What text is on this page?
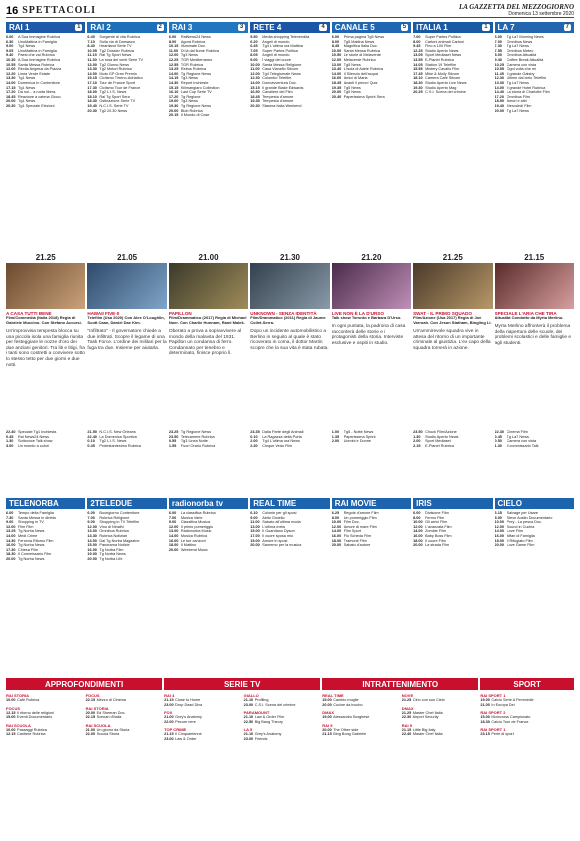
16 SPETTACOLI	LA GAZZETTA DEL MEZZOGIORNO
Domenica 13 settembre 2020
RAI 1	1
6.00	A Sua Immagine Rubrica
6.30	UnoMattina in Famiglia
9.00	Tg1 News
9.05	UnoMattina in Famiglia
9.40	Paesi che vai Rubrica
10.30 A Sua Immagine Rubrica
10.55 Santa Messa Rubrica
12.00 Recita Angelus da Piazza
12.20 Linea Verde Estate
13.30 Tg1 News
14.00 Domenica In Contenitore
17.15 Tg1 News
17.20 Da noi... a ruota libera
18.45 Reazione a catena Gioco
20.00 Tg1 News
20.30 Tg1 Speciale Elezioni
RAI 2	2
6.40	Sorgente di vita Rubrica
7.10	Sulla via di Damasco
8.40	Heartland Serie TV
10.05 Tg2 Dossier Rubrica
11.15 Rai Tg Sport News
11.30 La rosa dei venti Serie TV
13.00 Tg2 Giorno News
13.30 Tg2 Motori Rubrica
14.00 Moto GP Gran Premio
15.15 Ciclismo Tirreno-Adriatico
17.10 Tour de France Sport
17.30 Ciclismo Tour de France
18.00 Tg2 L.I.S. News
18.10 Rai Tg Sport Sera
18.30 Ostinazione Serie TV
19.40 N.C.I.S. Serie TV
20.30 Tg2 20.30 News
RAI 3	3
6.00	RaiNews24 News
8.00	Agorà Rubrica
10.15 Illuminate Doc.
11.00 Di là dal fiume Rubrica
12.00 Tg3 News
12.25 TGR Mediterraneo
12.55 TGR Rubrica
13.25 Rebus Rubrica
14.00 Tg Regione News
14.15 Tg3 News
14.30 Report Inchieste
15.15 Kilimangiaro Collection
16.10 Last Cop Serie TV
17.20 Tg Regione
19.00 Tg3 News
19.30 Tg Regione News
20.00 Blob Rubrica
20.15 Il Mondo di Cose
RETE 4	4
5.50	Media shopping Televendita
6.20	Angeli di mondo
6.45	Tg4 L'ultima ora Mattina
7.05	Super Partes Politica
8.05	Angeli di mondo
9.00	I viaggi del cuore
10.00 Santa Messa Religione
11.00 Casa Vianello Sitcom
12.00 Tg4 Telegiornale News
12.30 Colombo Telefilm
14.00 Donnavventura Doc.
15.15 Il grande Blake Edwards
16.50 Cavaliere del Film
18.45 Tempesta d'amore
19.35 Tempesta d'amore
20.30 Stasera Italia Weekend
CANALE 5	5
6.00	Prima pagina Tg5 News
8.00	Tg5 Mattina News
8.45	Magnifica Italia Doc.
10.00 Santa Messa Rubrica
10.50 Le storie di Melaverde
12.00 Melaverde Rubrica
13.00 Tg5 News
13.40 L'isola di Adele Rubrica
14.00 Il Silenzio dell'acqua
16.00 Amici di Maria
18.45 Avanti il primo! Quiz
19.35 Tg5 News
20.00 Tg5 News
20.40 Paperissima Sprint Sera
ITALIA 1	1
7.00	Super Partes Politica
8.00	Cartoni animati Cartoni
9.45	Fino a 100 Film
12.25 Studio Aperto News
13.05 Sport Mediaset News
13.55 E-Planet Rubrica
14.05 Station 19 Telefilm
15.55 Mistery Cavallo Film
17.45 Mike & Molly Sitcom
18.10 Camera Café Sitcom
18.30 Studio Aperto Live News
19.30 Studio Aperto Mag
20.25 C.S.I. Scena del crimine
LA 7	7
6.00	Tg La7 Morning News
7.00	Omnibus News
7.30	Tg La7 News
7.55	Omnibus Meteo
8.00	Omnibus Attualità
9.40	Coffee Break Attualità
10.25 Camera con vista
10.55 Ogni volta che mi
11.45 Il grande Gatsby
12.30 Ultime dal cielo Telefilm
13.30 Tg La7 News
14.00 Il grande Hotel Rubrica
14.40 La storia di Charlotte Film
17.20 Omnibus Film
18.50 Amori e altri
19.40 Mercoledì Film
20.00 Tg La7 News
21.25
A CASA TUTTI BENE
Film/Commedia (Italia 2018) Regia di Gabriele Muccino. Con Stefano Accorsi.
Un'improvvisa tempesta blocca su una piccola isola una famiglia riunita per festeggiare le nozze d'oro dei due anziani genitori. Tra liti e litigi, fra i tanti sono costretti a convivere sotto lo stesso tetto per due giorni e due notti.
21.05
HAWAII FIVE-0
Telefilm (Usa 2020) Con Alex O'Loughlin, Scott Caan, Daniel Dae Kim.
"Infiltrato" - Il governatore chiede a due infiltrati. Scopre il legame di una Task Force. L'ordine dei militari per la fuga tra due. Insieme per aiutarla.
21.00
PAPILLON
Film/Drammatico (2017) Regia di Michael Noer. Con Charlie Hunnam, Rami Malek.
Oberato a prova a sopravvivere al mondo della malavita del 1931. Papillon un condanna di ferro. Condannato per tenebro e determinato, finisce proprio lì.
21.30
UNKNOWN - SENZA IDENTITÀ
Film/Drammatico (2011) Regia di Jaume Collet-Serra.
Dopo un incidente automobilistico a Berlino in seguito al quale è stato ricoverato in coma, il dottor Martin scopre che la sua vita è stata rubata.
21.20
LIVE NON È LA D'URSO
Talk show Toronto e Barbara D'Urso.
In ogni puntata, la padrona di casa racconterà delle storie e i protagonisti della storia. Interviste esclusive e ospiti in studio.
21.25
SWAT - IL PRIMO SQUADO
Film/Azione (Usa 2017) Regia di Joe Varroah. Con Jeson Statham, Bingling Li.
Un'ammirevole squadra vive in attesa del ritorno di un importante criminale al giustizia. L'ex capo della squadra tornerà in azione.
21.15
SPECIALE L'ARIA CHE TIRA
Attualità Condotto da Myrta Merlino.
Myrta Merlino affronterà il problema della riapertura delle scuole, dei problemi scolastici e delle famiglie e agli studenti.
22.40 Speciale Tg1 Inchiesta
0.45	Rai News24 News
1.30	Sottovoce Talk show
3.00	Un mondo a colori
21.50 N.C.I.S. New Orleans
22.40 La Domenica Sportiva
0.10	Tg2 L.I.S. News
0.45	Protestantesimo Rubrica
23.25 Tg Regione News
23.50 Telecamere Rubrica
0.55	Tg3 Linea Notte
1.55	Fuori Orario Rubrica
23.35 Dalla Parte degli Animali
0.10	La Ragazza della Porta
2.00	Tg4 L'ultima ora News
2.30	Cinque Vedo Film
1.00	Tg5 - Notte News
1.35	Paperissima Sprint
2.00	Uomini e Donne
23.50 Chock Film/Azione
1.30	Studio Aperto News
2.00	Sport Mediaset
2.15	E-Planet Rubrica
22.30 Cinema Film
0.45	Tg La7 News
0.50	Camera con vista
1.30	Il commissario Talk
TELENORBA
6.00	Tempo della Famiglia
7.30	Santa Messa in diretta
9.00	Shopping in TV
12.00 Film Film
13.25 Tg Norba News
14.00 Medi Crime
14.30 Ferrovia Ritorno Film
16.00 Tg Norba News
17.30 Chiesa Film
18.30 Il Commissario Film
20.00 Tg Norba News
2TELEDUE
6.00	Buongiorno Contenitore
7.00	Rubrica Religione
9.00	Shopping in TV Telefilm
12.00 Vino di Ninalhi
13.00 Omnibus Rubrica
13.30 Rubrica Notiziari
14.00 Dai Tg Norba Magazine
15.00 Panorama Notizie
16.00 Tg Norba Film
19.00 Tg Norba News
20.00 Tg Norba Life
radionorba tv
6.00	La classifica Rubrica
7.00	Musica Varie
9.00	Classifica Musica
12.00 Il primo pomeriggio
13.00 Radionorba Music
14.00 Musica Rubrica
16.00 Le tue canzoni
18.00 Il Mattino
20.00 Weekend Music
REAL TIME
6.10	Colonie per gli sposi
9.00	Abito Gioiello
11.00 Sabato all'ultima moda
13.00 L'ultima meta
15.00 Il Guardiano Dyson
17.00 Il cuore sposa mio
19.00 Amore in sposi
20.00 Sanremo per la musica
RAI MOVIE
6.25	Regole d'amore Film
8.00	Un pomeriggio Film
10.00 Film Doc.
12.00 Amore di mare Film
14.00 Film Sport
16.00 Flo Scheda Film
18.00 Tramonti Film
20.00 Sabato d'autore
IRIS
6.00	Divisione Film
8.00	Fermo Film
10.00 Gli arrivi Film
12.00 L'avanzata Film
14.00 Zombie Film
16.00 Baby Boss Film
18.00 Il cuore Film
20.00 La strada Film
CIELO
6.15	Salvage per Usare
8.00	Steve Austin Documentario
10.00 Prey - La pesca Doc.
12.00 Sound in Cucina
14.00 Love Film
16.00 Affari di Famiglia
18.00 Il Rifugiato Film
20.00 Love Game Film
APPROFONDIMENTI
RAI STORIA
10.00 Cafè Rubrica
FOCUS
12.15 Il ritorno delle religioni
15.00 Eventi Documentario
RAI SCUOLA
10.00 Passaggi Rubrica
12.15 Cantiere Rubrica
FOCUS
22.15 Mezzo di Cinema
RAI STORIA
20.00 Ed Sheeran Doc.
22.15 Scenari d'Italia
RAI SCUOLA
21.00 Un giorno da Storia
22.00 Scuola Storia
SERIE TV
RAI 4
21.15 Close to Home
23.00 Drop Dead Diva
FOX
21.00 Grey's Anatomy
22.00 Pecore nere
TOP CRIME
21.15 Il Cinquantenne
23.00 Law & Order
GIALLO
21.10 Profiling
23.00 C.S.I. Scena del crimine
PARAMOUNT
21.10 Law & Order Film
22.50 Big Bang Theory
LA 5
21.10 Grey's Anatomy
23.00 Friends
INTRATTENIMENTO
REAL TIME
19.00 Cambio moglie
20.00 Cucine da incubo
DMAX
19.00 Alessandro Borghese
RAI 5
20.00 The Other side
21.15 Bing Bong Gabriele
NOVE
21.25 Cirio con suo Cielo
DMAX
21.25 Master Chef Italia
22.30 Airport Security
RAI 5
21.15 Little Big Italy
22.40 Master Chef Italia
SPORT
RAI SPORT 1
19.00 Calcio Serie A Femminile
21.00 In Europa Dei
RAI SPORT 2
15.00 Motocross Campionato
18.30 Calcio Tour de France
RAI SPORT 1
23.15 Perle di sport
